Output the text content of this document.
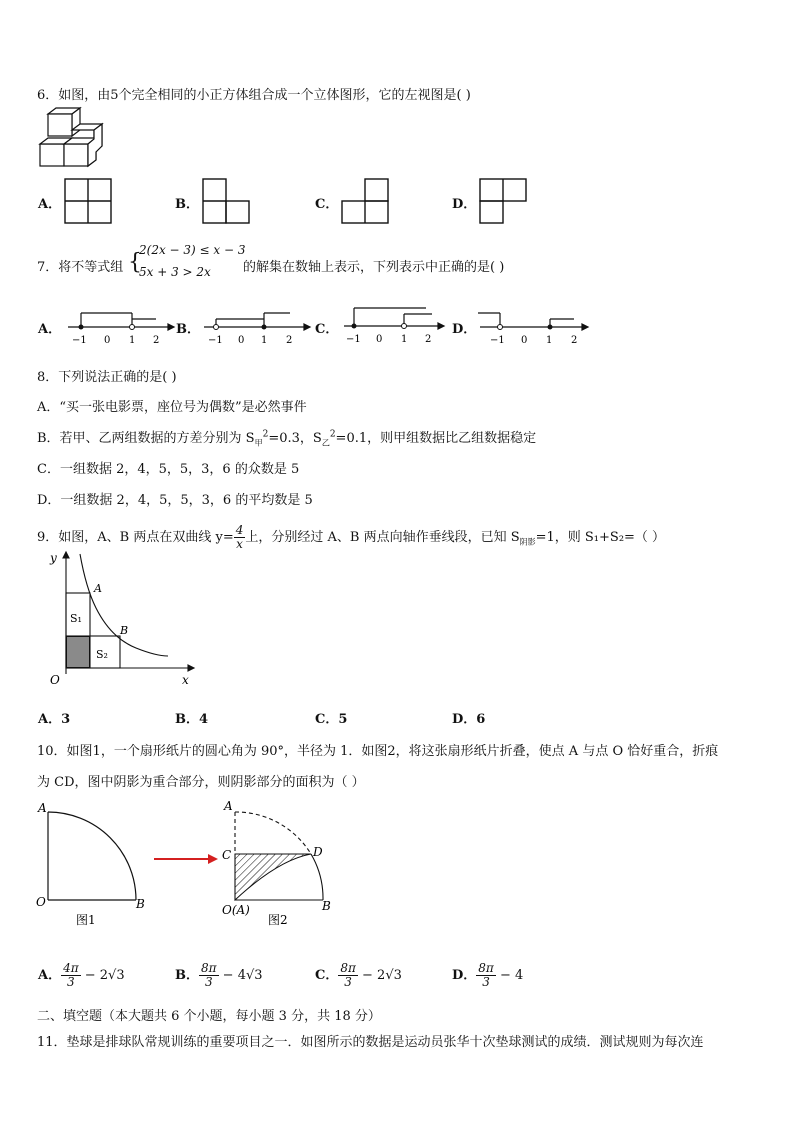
6．如图，由5个完全相同的小正方体组合成一个立体图形，它的左视图是( )
A．	B．	C．	D．
7．将不等式组 {
2(2x − 3) ≤ x − 3
5x + 3 > 2x 的解集在数轴上表示，下列表示中正确的是( )
A．
−1 0 1 2
B．
−1 0 1 2
C．
−1 0 1 2
D．
−1 0 1 2
8．下列说法正确的是( )
A．“买一张电影票，座位号为偶数”是必然事件
B．若甲、乙两组数据的方差分别为 $S_甲^2=0.3$，$S_乙^2=0.1$，则甲组数据比乙组数据稳定
C．一组数据 2，4，5，5，3，6 的众数是 5
D．一组数据 2，4，5，5，3，6 的平均数是 5
9．如图，A、B 两点在双曲线 $y= \frac{4}{x}$ 上，分别经过 A、B 两点向轴作垂线段，已知 $S_{阴影}=1$，则 S₁+S₂=（ ）
y
x
O
A
B
S₁
S₂
A．3	B．4	C．5	D．6
10．如图1，一个扇形纸片的圆心角为 90°，半径为 1．如图2，将这张扇形纸片折叠，使点 A 与点 O 恰好重合，折痕
为 CD，图中阴影为重合部分，则阴影部分的面积为（ ）
A
O	B
图1
A
C	D
O(A)	B
图2
A． $\frac{4\pi}{3} - 2√3$	B． $\frac{8\pi}{3} - 4√3$	C． $\frac{8\pi}{3} - 2√3$	D． $\frac{8\pi}{3} - 4$
二、填空题（本大题共 6 个小题，每小题 3 分，共 18 分）
11．垫球是排球队常规训练的重要项目之一．如图所示的数据是运动员张华十次垫球测试的成绩．测试规则为每次连
